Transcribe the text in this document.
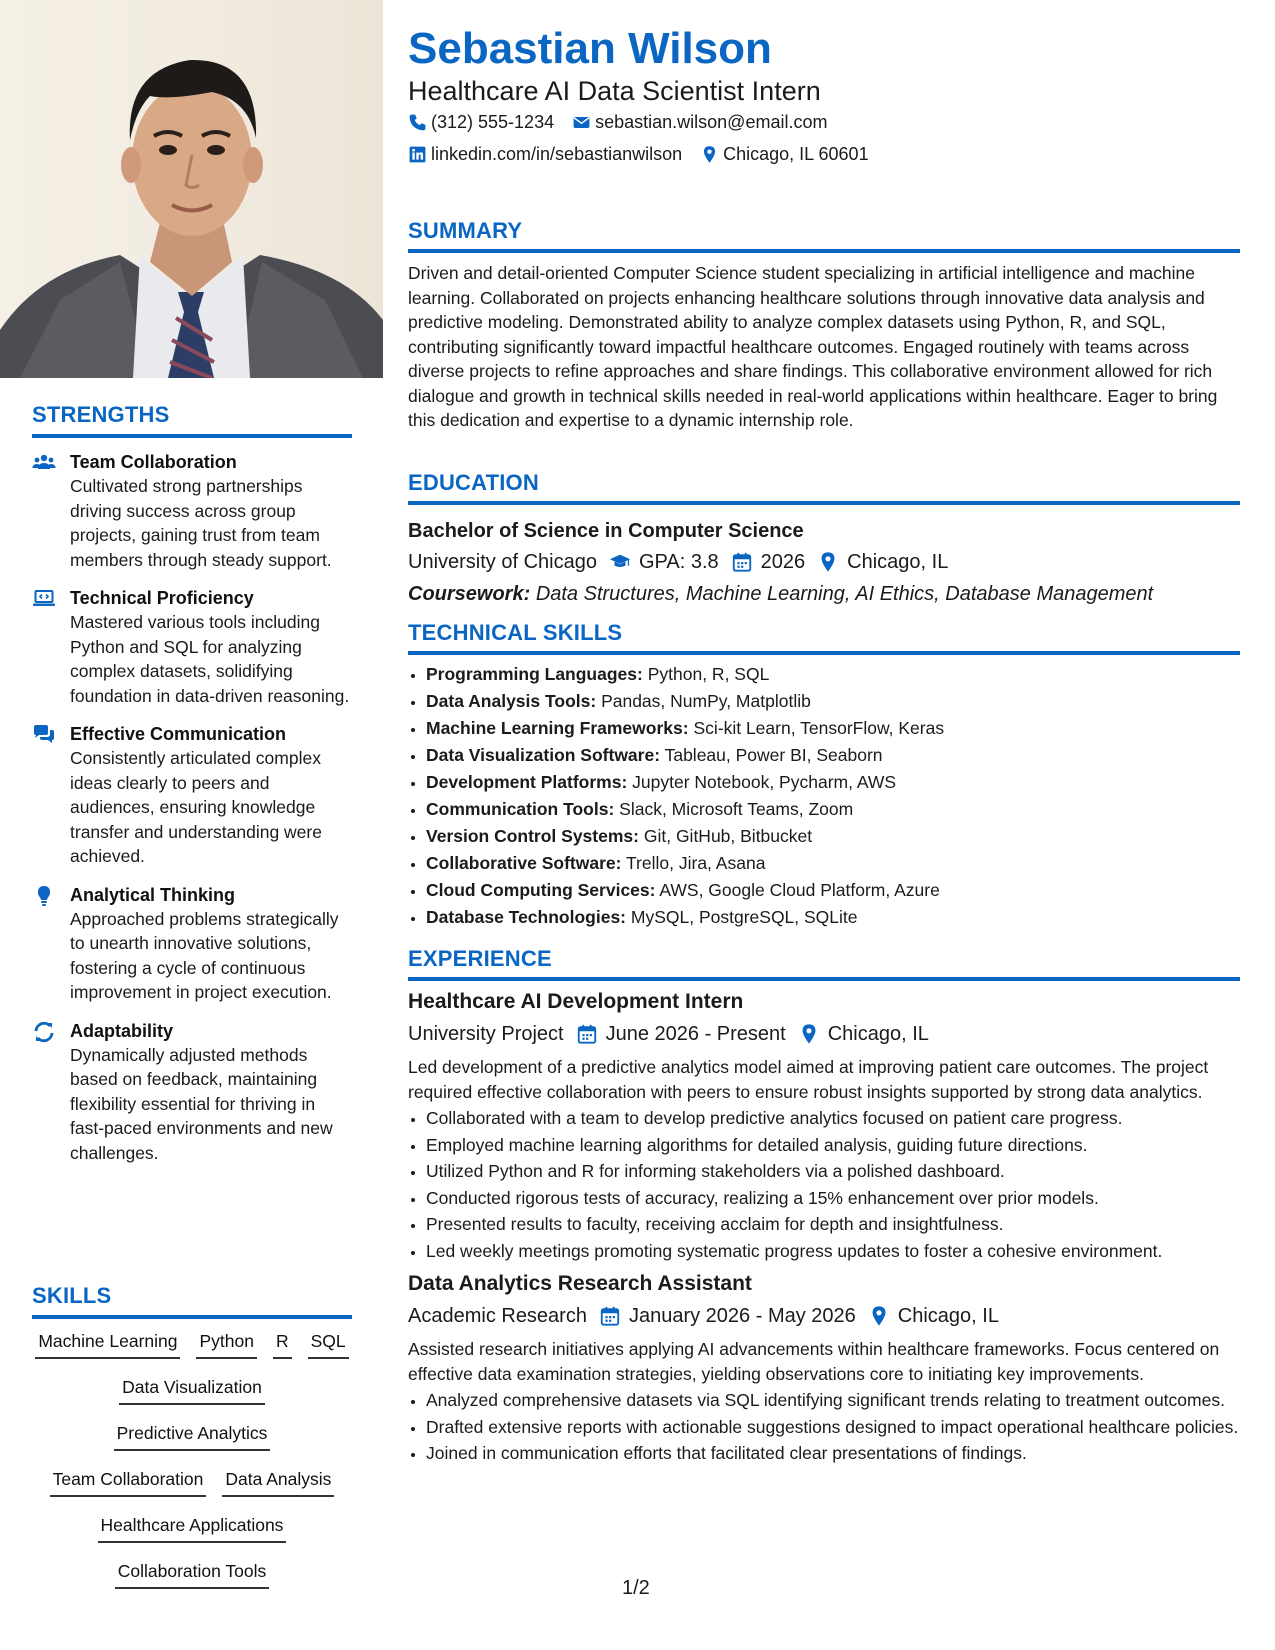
STRENGTHS
Team Collaboration
Cultivated strong partnerships driving success across group projects, gaining trust from team members through steady support.
Technical Proficiency
Mastered various tools including Python and SQL for analyzing complex datasets, solidifying foundation in data-driven reasoning.
Effective Communication
Consistently articulated complex ideas clearly to peers and audiences, ensuring knowledge transfer and understanding were achieved.
Analytical Thinking
Approached problems strategically to unearth innovative solutions, fostering a cycle of continuous improvement in project execution.
Adaptability
Dynamically adjusted methods based on feedback, maintaining flexibility essential for thriving in fast-paced environments and new challenges.
SKILLS
Machine Learning Python R SQL
Data Visualization
Predictive Analytics
Team Collaboration Data Analysis
Healthcare Applications
Collaboration Tools
Sebastian Wilson
Healthcare AI Data Scientist Intern
(312) 555-1234 sebastian.wilson@email.com
linkedin.com/in/sebastianwilson Chicago, IL 60601
SUMMARY
Driven and detail-oriented Computer Science student specializing in artificial intelligence and machine learning. Collaborated on projects enhancing healthcare solutions through innovative data analysis and predictive modeling. Demonstrated ability to analyze complex datasets using Python, R, and SQL, contributing significantly toward impactful healthcare outcomes. Engaged routinely with teams across diverse projects to refine approaches and share findings. This collaborative environment allowed for rich dialogue and growth in technical skills needed in real-world applications within healthcare. Eager to bring this dedication and expertise to a dynamic internship role.
EDUCATION
Bachelor of Science in Computer Science
University of Chicago GPA: 3.8 2026 Chicago, IL
Coursework: Data Structures, Machine Learning, AI Ethics, Database Management
TECHNICAL SKILLS
• Programming Languages: Python, R, SQL
• Data Analysis Tools: Pandas, NumPy, Matplotlib
• Machine Learning Frameworks: Sci-kit Learn, TensorFlow, Keras
• Data Visualization Software: Tableau, Power BI, Seaborn
• Development Platforms: Jupyter Notebook, Pycharm, AWS
• Communication Tools: Slack, Microsoft Teams, Zoom
• Version Control Systems: Git, GitHub, Bitbucket
• Collaborative Software: Trello, Jira, Asana
• Cloud Computing Services: AWS, Google Cloud Platform, Azure
• Database Technologies: MySQL, PostgreSQL, SQLite
EXPERIENCE
Healthcare AI Development Intern
University Project June 2026 - Present Chicago, IL
Led development of a predictive analytics model aimed at improving patient care outcomes. The project required effective collaboration with peers to ensure robust insights supported by strong data analytics.
• Collaborated with a team to develop predictive analytics focused on patient care progress.
• Employed machine learning algorithms for detailed analysis, guiding future directions.
• Utilized Python and R for informing stakeholders via a polished dashboard.
• Conducted rigorous tests of accuracy, realizing a 15% enhancement over prior models.
• Presented results to faculty, receiving acclaim for depth and insightfulness.
• Led weekly meetings promoting systematic progress updates to foster a cohesive environment.
Data Analytics Research Assistant
Academic Research January 2026 - May 2026 Chicago, IL
Assisted research initiatives applying AI advancements within healthcare frameworks. Focus centered on effective data examination strategies, yielding observations core to initiating key improvements.
• Analyzed comprehensive datasets via SQL identifying significant trends relating to treatment outcomes.
• Drafted extensive reports with actionable suggestions designed to impact operational healthcare policies.
• Joined in communication efforts that facilitated clear presentations of findings.
1/2
